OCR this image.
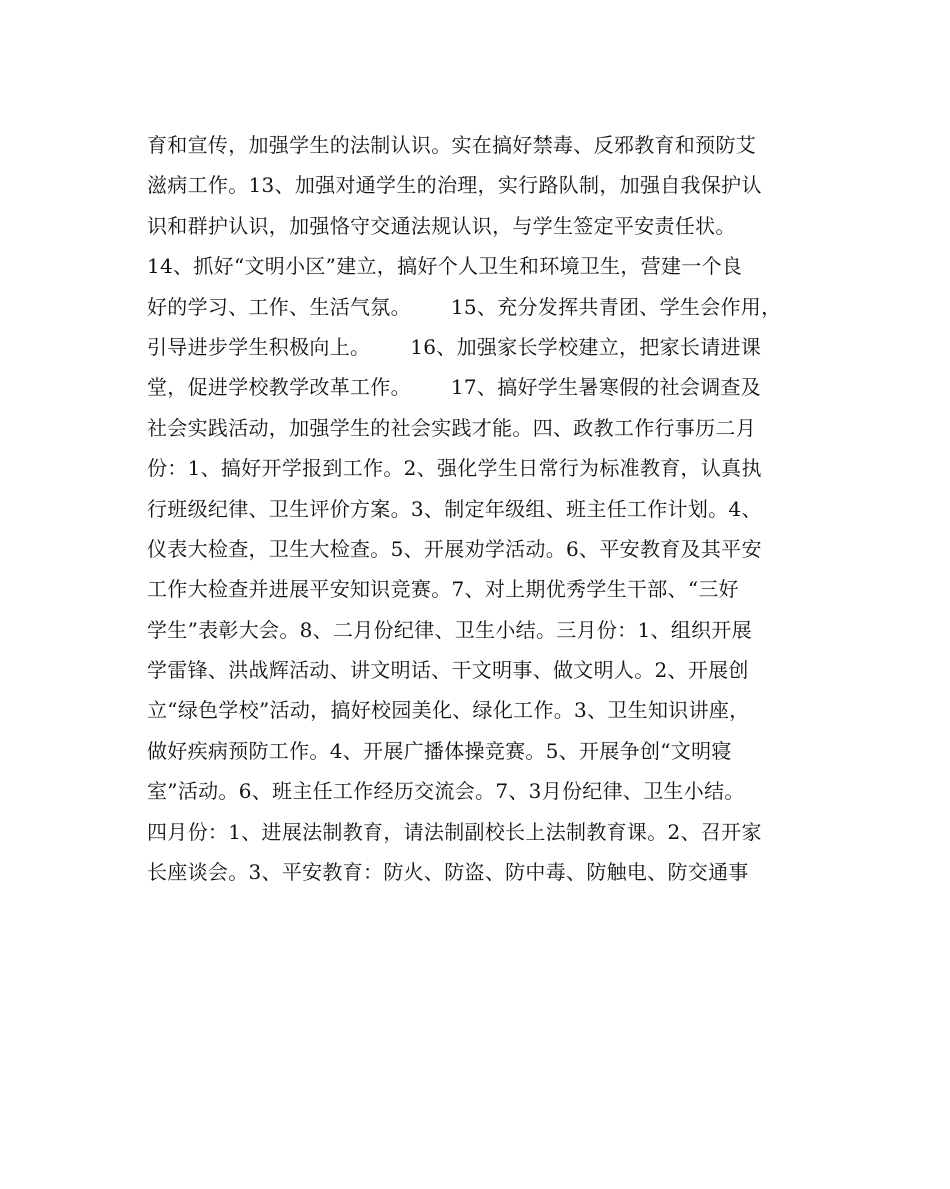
育和宣传，加强学生的法制认识。实在搞好禁毒、反邪教育和预防艾
滋病工作。13、加强对通学生的治理，实行路队制，加强自我保护认
识和群护认识，加强恪守交通法规认识，与学生签定平安责任状。
14、抓好“文明小区”建立，搞好个人卫生和环境卫生，营建一个良
好的学习、工作、生活气氛。      15、充分发挥共青团、学生会作用，
引导进步学生积极向上。      16、加强家长学校建立，把家长请进课
堂，促进学校教学改革工作。      17、搞好学生暑寒假的社会调查及
社会实践活动，加强学生的社会实践才能。四、政教工作行事历二月
份：1、搞好开学报到工作。2、强化学生日常行为标准教育，认真执
行班级纪律、卫生评价方案。3、制定年级组、班主任工作计划。4、
仪表大检查，卫生大检查。5、开展劝学活动。6、平安教育及其平安
工作大检查并进展平安知识竞赛。7、对上期优秀学生干部、“三好
学生”表彰大会。8、二月份纪律、卫生小结。三月份：1、组织开展
学雷锋、洪战辉活动、讲文明话、干文明事、做文明人。2、开展创
立“绿色学校”活动，搞好校园美化、绿化工作。3、卫生知识讲座，
做好疾病预防工作。4、开展广播体操竞赛。5、开展争创“文明寝
室”活动。6、班主任工作经历交流会。7、3月份纪律、卫生小结。
四月份：1、进展法制教育，请法制副校长上法制教育课。2、召开家
长座谈会。3、平安教育：防火、防盗、防中毒、防触电、防交通事
